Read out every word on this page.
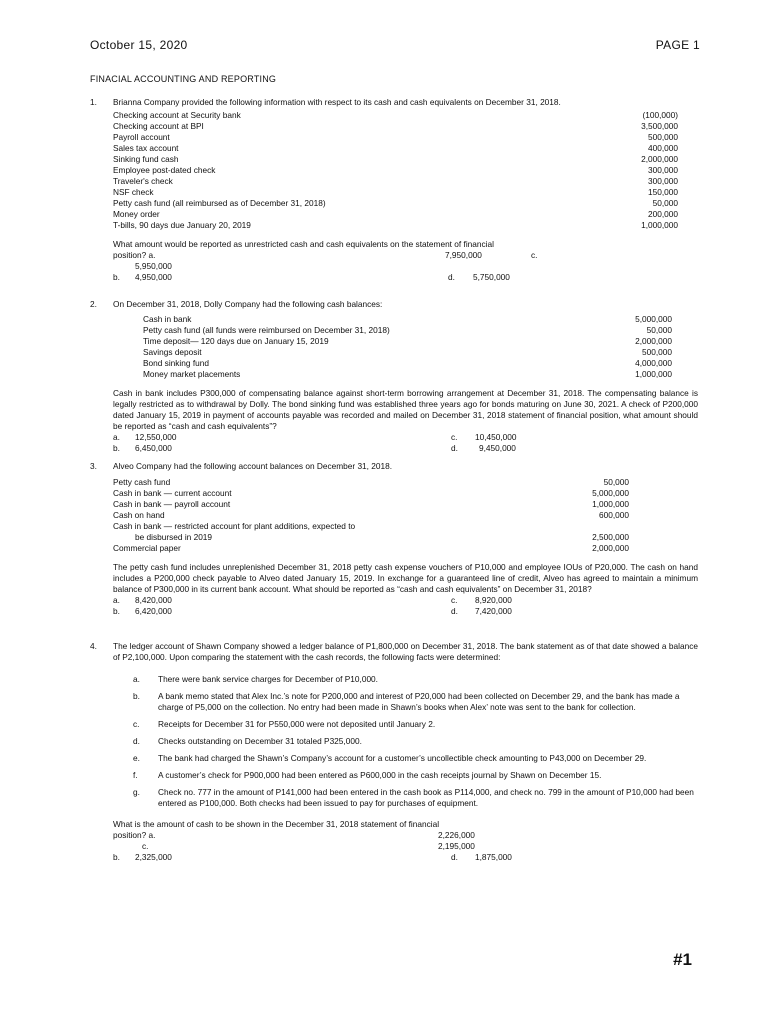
October 15, 2020	PAGE 1
FINACIAL ACCOUNTING AND REPORTING
1. Brianna Company provided the following information with respect to its cash and cash equivalents on December 31, 2018.
Checking account at Security bank	(100,000)
Checking account at BPI	3,500,000
Payroll account	500,000
Sales tax account	400,000
Sinking fund cash	2,000,000
Employee post-dated check	300,000
Traveler's check	300,000
NSF check	150,000
Petty cash fund (all reimbursed as of December 31, 2018)	50,000
Money order	200,000
T-bills, 90 days due January 20, 2019	1,000,000
What amount would be reported as unrestricted cash and cash equivalents on the statement of financial
position? a.	7,950,000	c.
5,950,000
b. 4,950,000	d. 5,750,000
2. On December 31, 2018, Dolly Company had the following cash balances:
Cash in bank	5,000,000
Petty cash fund (all funds were reimbursed on December 31, 2018)	50,000
Time deposit— 120 days due on January 15, 2019	2,000,000
Savings deposit	500,000
Bond sinking fund	4,000,000
Money market placements	1,000,000
Cash in bank includes P300,000 of compensating balance against short-term borrowing arrangement at December 31, 2018. The compensating balance is legally restricted as to withdrawal by Dolly. The bond sinking fund was established three years ago for bonds maturing on June 30, 2021. A check of P200,000 dated January 15, 2019 in payment of accounts payable was recorded and mailed on December 31, 2018 statement of financial position, what amount should be reported as “cash and cash equivalents”?
a. 12,550,000	c. 10,450,000
b. 6,450,000	d.	9,450,000
3. Alveo Company had the following account balances on December 31, 2018.
Petty cash fund	50,000
Cash in bank — current account	5,000,000
Cash in bank — payroll account	1,000,000
Cash on hand	600,000
Cash in bank — restricted account for plant additions, expected to
be disbursed in 2019	2,500,000
Commercial paper	2,000,000
The petty cash fund includes unreplenished December 31, 2018 petty cash expense vouchers of P10,000 and employee IOUs of P20,000. The cash on hand includes a P200,000 check payable to Alveo dated January 15, 2019. In exchange for a guaranteed line of credit, Alveo has agreed to maintain a minimum balance of P300,000 in its current bank account. What should be reported as “cash and cash equivalents” on December 31, 2018?
a. 8,420,000	c. 8,920,000
b. 6,420,000	d. 7,420,000
4. The ledger account of Shawn Company showed a ledger balance of P1,800,000 on December 31, 2018. The bank statement as of that date showed a balance of P2,100,000. Upon comparing the statement with the cash records, the following facts were determined:
a. There were bank service charges for December of P10,000.
b. A bank memo stated that Alex Inc.’s note for P200,000 and interest of P20,000 had been collected on December 29, and the bank has made a charge of P5,000 on the collection. No entry had been made in Shawn’s books when Alex’ note was sent to the bank for collection.
c. Receipts for December 31 for P550,000 were not deposited until January 2.
d. Checks outstanding on December 31 totaled P325,000.
e. The bank had charged the Shawn’s Company’s account for a customer’s uncollectible check amounting to P43,000 on December 29.
f. A customer’s check for P900,000 had been entered as P600,000 in the cash receipts journal by Shawn on December 15.
g. Check no. 777 in the amount of P141,000 had been entered in the cash book as P114,000, and check no. 799 in the amount of P10,000 had been entered as P100,000. Both checks had been issued to pay for purchases of equipment.
What is the amount of cash to be shown in the December 31, 2018 statement of financial
position? a.	2,226,000
c.	2,195,000
b. 2,325,000	d. 1,875,000
#1
